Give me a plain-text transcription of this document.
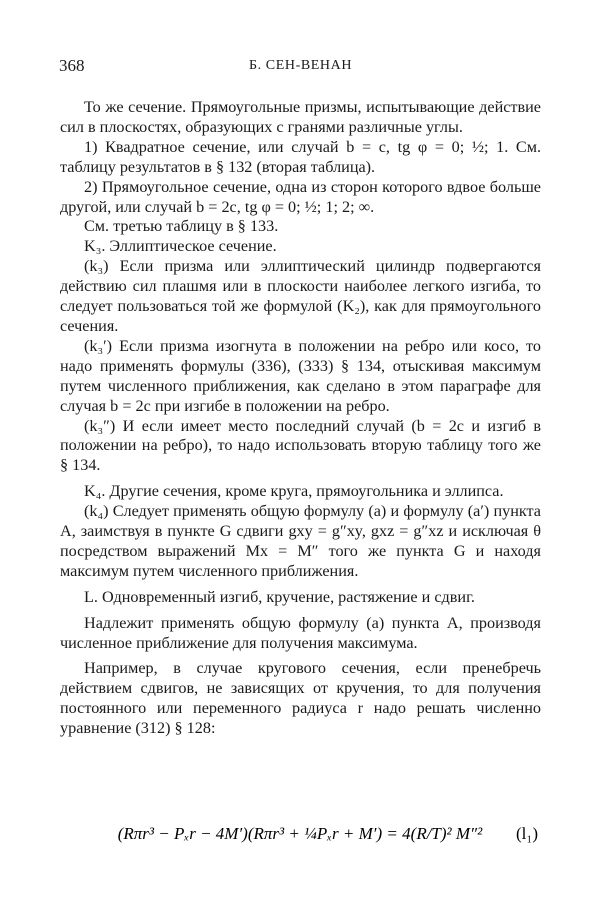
368	Б. СЕН-ВЕНАН

То же сечение. Прямоугольные призмы, испытывающие действие сил в плоскостях, образующих с гранями различные углы.

1) Квадратное сечение, или случай b = c, tg φ = 0; ½; 1. См. таблицу результатов в § 132 (вторая таблица).

2) Прямоугольное сечение, одна из сторон которого вдвое больше другой, или случай b = 2c, tg φ = 0; ½; 1; 2; ∞.

См. третью таблицу в § 133.

K₃. Эллиптическое сечение.

(k₃) Если призма или эллиптический цилиндр подвергаются действию сил плашмя или в плоскости наиболее легкого изгиба, то следует пользоваться той же формулой (K₂), как для прямоугольного сечения.

(k₃′) Если призма изогнута в положении на ребро или косо, то надо применять формулы (336), (333) § 134, отыскивая максимум путем численного приближения, как сделано в этом параграфе для случая b = 2c при изгибе в положении на ребро.

(k₃″) И если имеет место последний случай (b = 2c и изгиб в положении на ребро), то надо использовать вторую таблицу того же § 134.

K₄. Другие сечения, кроме круга, прямоугольника и эллипса.

(k₄) Следует применять общую формулу (a) и формулу (a′) пункта A, заимствуя в пункте G сдвиги gxy = g″xy, gxz = g″xz и исключая θ посредством выражений Mx = M″ того же пункта G и находя максимум путем численного приближения.

L. Одновременный изгиб, кручение, растяжение и сдвиг.

Надлежит применять общую формулу (a) пункта A, производя численное приближение для получения максимума.

Например, в случае кругового сечения, если пренебречь действием сдвигов, не зависящих от кручения, то для получения постоянного или переменного радиуса r надо решать численно уравнение (312) § 128:

(Rπr³ − Pₓr − 4M′)(Rπr³ + ¼Pₓr + M′) = 4(R/T)² M″² (l₁)
